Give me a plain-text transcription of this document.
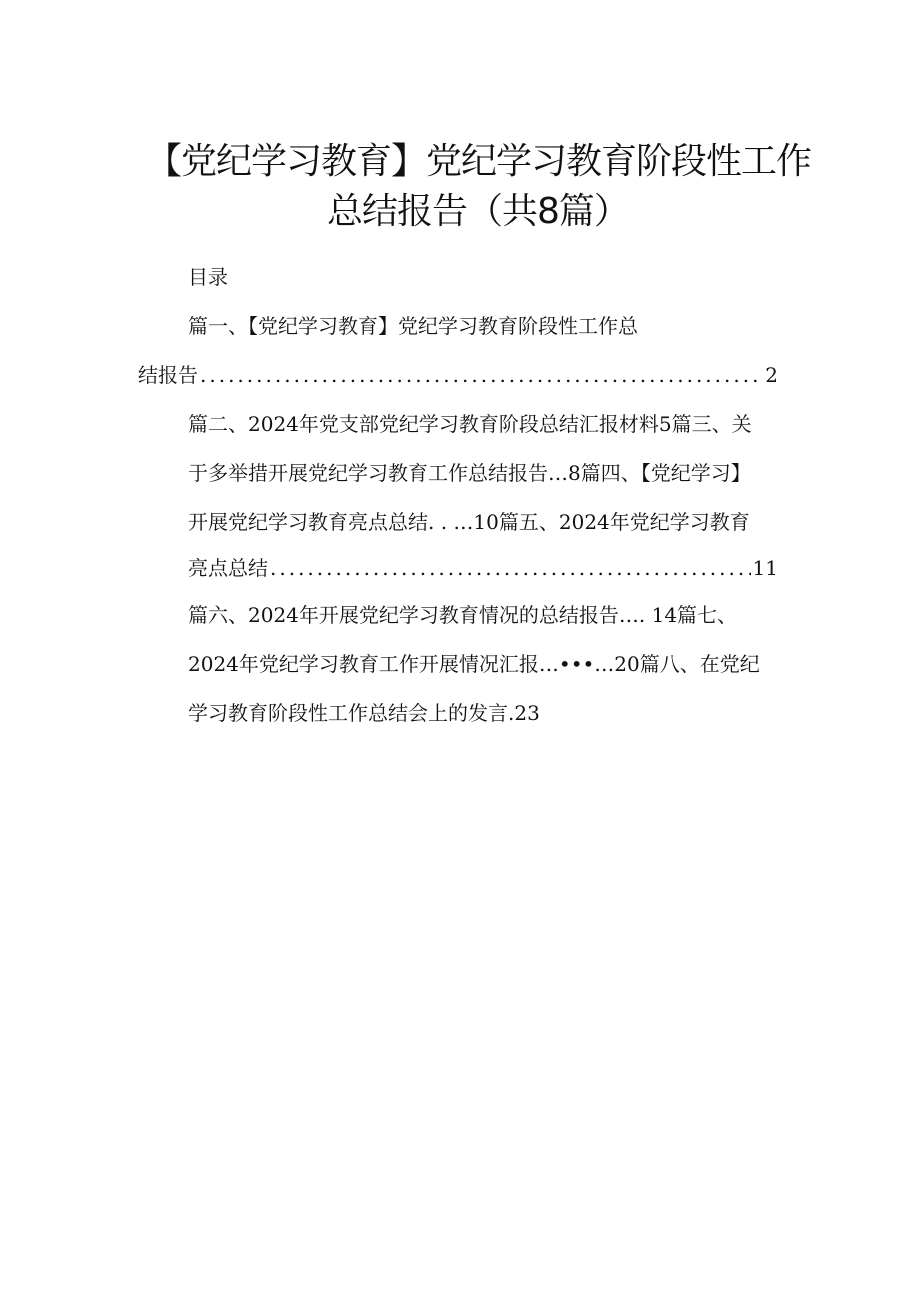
【党纪学习教育】党纪学习教育阶段性工作
总结报告（共8篇）
目录
篇一、【党纪学习教育】党纪学习教育阶段性工作总
结报告 .....	2
篇二、2024年党支部党纪学习教育阶段总结汇报材料5篇三、关
于多举措开展党纪学习教育工作总结报告…8篇四、【党纪学习】
开展党纪学习教育亮点总结. . …10篇五、2024年党纪学习教育
亮点总结 .....	11
篇六、2024年开展党纪学习教育情况的总结报告…. 14篇七、
2024年党纪学习教育工作开展情况汇报…•••…20篇八、在党纪
学习教育阶段性工作总结会上的发言.23
